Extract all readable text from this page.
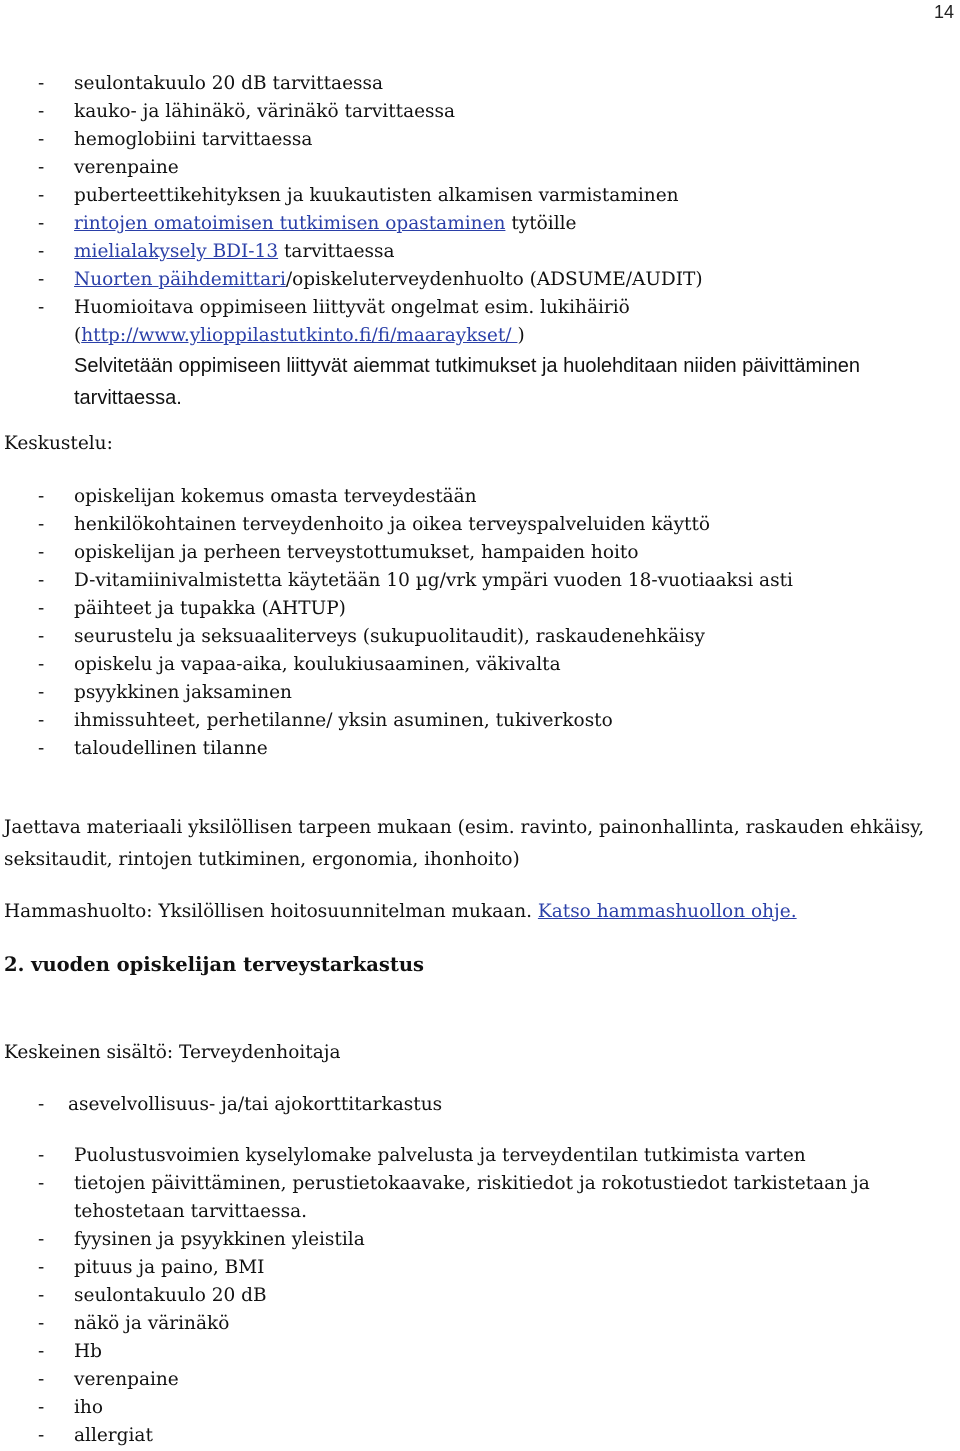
14
- seulontakuulo 20 dB tarvittaessa
- kauko- ja lähinäkö, värinäkö tarvittaessa
- hemoglobiini tarvittaessa
- verenpaine
- puberteettikehityksen ja kuukautisten alkamisen varmistaminen
- rintojen omatoimisen tutkimisen opastaminen tytöille
- mielialakysely BDI-13 tarvittaessa
- Nuorten päihdemittari/opiskeluterveydenhuolto (ADSUME/AUDIT)
- Huomioitava oppimiseen liittyvät ongelmat esim. lukihäiriö
(http://www.ylioppilastutkinto.fi/fi/maaraykset/ )
Selvitetään oppimiseen liittyvät aiemmat tutkimukset ja huolehditaan niiden päivittäminen tarvittaessa.
Keskustelu:
- opiskelijan kokemus omasta terveydestään
- henkilökohtainen terveydenhoito ja oikea terveyspalveluiden käyttö
- opiskelijan ja perheen terveystottumukset, hampaiden hoito
- D-vitamiinivalmistetta käytetään 10 µg/vrk ympäri vuoden 18-vuotiaaksi asti
- päihteet ja tupakka (AHTUP)
- seurustelu ja seksuaaliterveys (sukupuolitaudit), raskaudenehkäisy
- opiskelu ja vapaa-aika, koulukiusaaminen, väkivalta
- psyykkinen jaksaminen
- ihmissuhteet, perhetilanne/ yksin asuminen, tukiverkosto
- taloudellinen tilanne
Jaettava materiaali yksilöllisen tarpeen mukaan (esim. ravinto, painonhallinta, raskauden ehkäisy, seksitaudit, rintojen tutkiminen, ergonomia, ihonhoito)
Hammashuolto: Yksilöllisen hoitosuunnitelman mukaan. Katso hammashuollon ohje.
2. vuoden opiskelijan terveystarkastus
Keskeinen sisältö: Terveydenhoitaja
- asevelvollisuus- ja/tai ajokorttitarkastus
- Puolustusvoimien kyselylomake palvelusta ja terveydentilan tutkimista varten
- tietojen päivittäminen, perustietokaavake, riskitiedot ja rokotustiedot tarkistetaan ja tehostetaan tarvittaessa.
- fyysinen ja psyykkinen yleistila
- pituus ja paino, BMI
- seulontakuulo 20 dB
- näkö ja värinäkö
- Hb
- verenpaine
- iho
- allergiat
